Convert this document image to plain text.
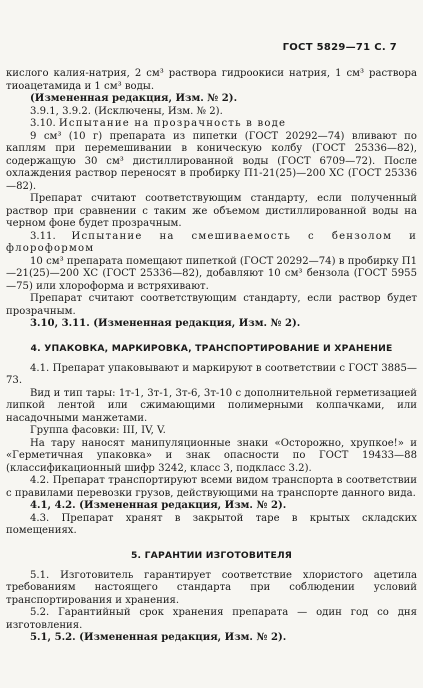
ГОСТ 5829—71 С. 7

кислого калия-натрия, 2 см³ раствора гидроокиси натрия, 1 см³ раствора тиоацетамида и 1 см³ воды.

(Измененная редакция, Изм. № 2).

3.9.1, 3.9.2. (Исключены, Изм. № 2).

3.10. Испытание на прозрачность в воде

9 см³ (10 г) препарата из пипетки (ГОСТ 20292—74) вливают по каплям при перемешивании в коническую колбу (ГОСТ 25336—82), содержащую 30 см³ дистиллированной воды (ГОСТ 6709—72). После охлаждения раствор переносят в пробирку П1-21(25)—200 ХС (ГОСТ 25336—82).

Препарат считают соответствующим стандарту, если полученный раствор при сравнении с таким же объемом дистиллированной воды на черном фоне будет прозрачным.

3.11. Испытание на смешиваемость с бензолом и флороформом

10 см³ препарата помещают пипеткой (ГОСТ 20292—74) в пробирку П1—21(25)—200 ХС (ГОСТ 25336—82), добавляют 10 см³ бензола (ГОСТ 5955—75) или хлороформа и встряхивают.

Препарат считают соответствующим стандарту, если раствор будет прозрачным.

3.10, 3.11. (Измененная редакция, Изм. № 2).

4. УПАКОВКА, МАРКИРОВКА, ТРАНСПОРТИРОВАНИЕ И ХРАНЕНИЕ

4.1. Препарат упаковывают и маркируют в соответствии с ГОСТ 3885—73.

Вид и тип тары: 1т-1, 3т-1, 3т-6, 3т-10 с дополнительной герметизацией липкой лентой или сжимающими полимерными колпачками, или насадочными манжетами.

Группа фасовки: III, IV, V.

На тару наносят манипуляционные знаки «Осторожно, хрупкое!» и «Герметичная упаковка» и знак опасности по ГОСТ 19433—88 (классификационный шифр 3242, класс 3, подкласс 3.2).

4.2. Препарат транспортируют всеми видом транспорта в соответствии с правилами перевозки грузов, действующими на транспорте данного вида.

4.1, 4.2. (Измененная редакция, Изм. № 2).

4.3. Препарат хранят в закрытой таре в крытых складских помещениях.

5. ГАРАНТИИ ИЗГОТОВИТЕЛЯ

5.1. Изготовитель гарантирует соответствие хлористого ацетила требованиям настоящего стандарта при соблюдении условий транспортирования и хранения.

5.2. Гарантийный срок хранения препарата — один год со дня изготовления.

5.1, 5.2. (Измененная редакция, Изм. № 2).
